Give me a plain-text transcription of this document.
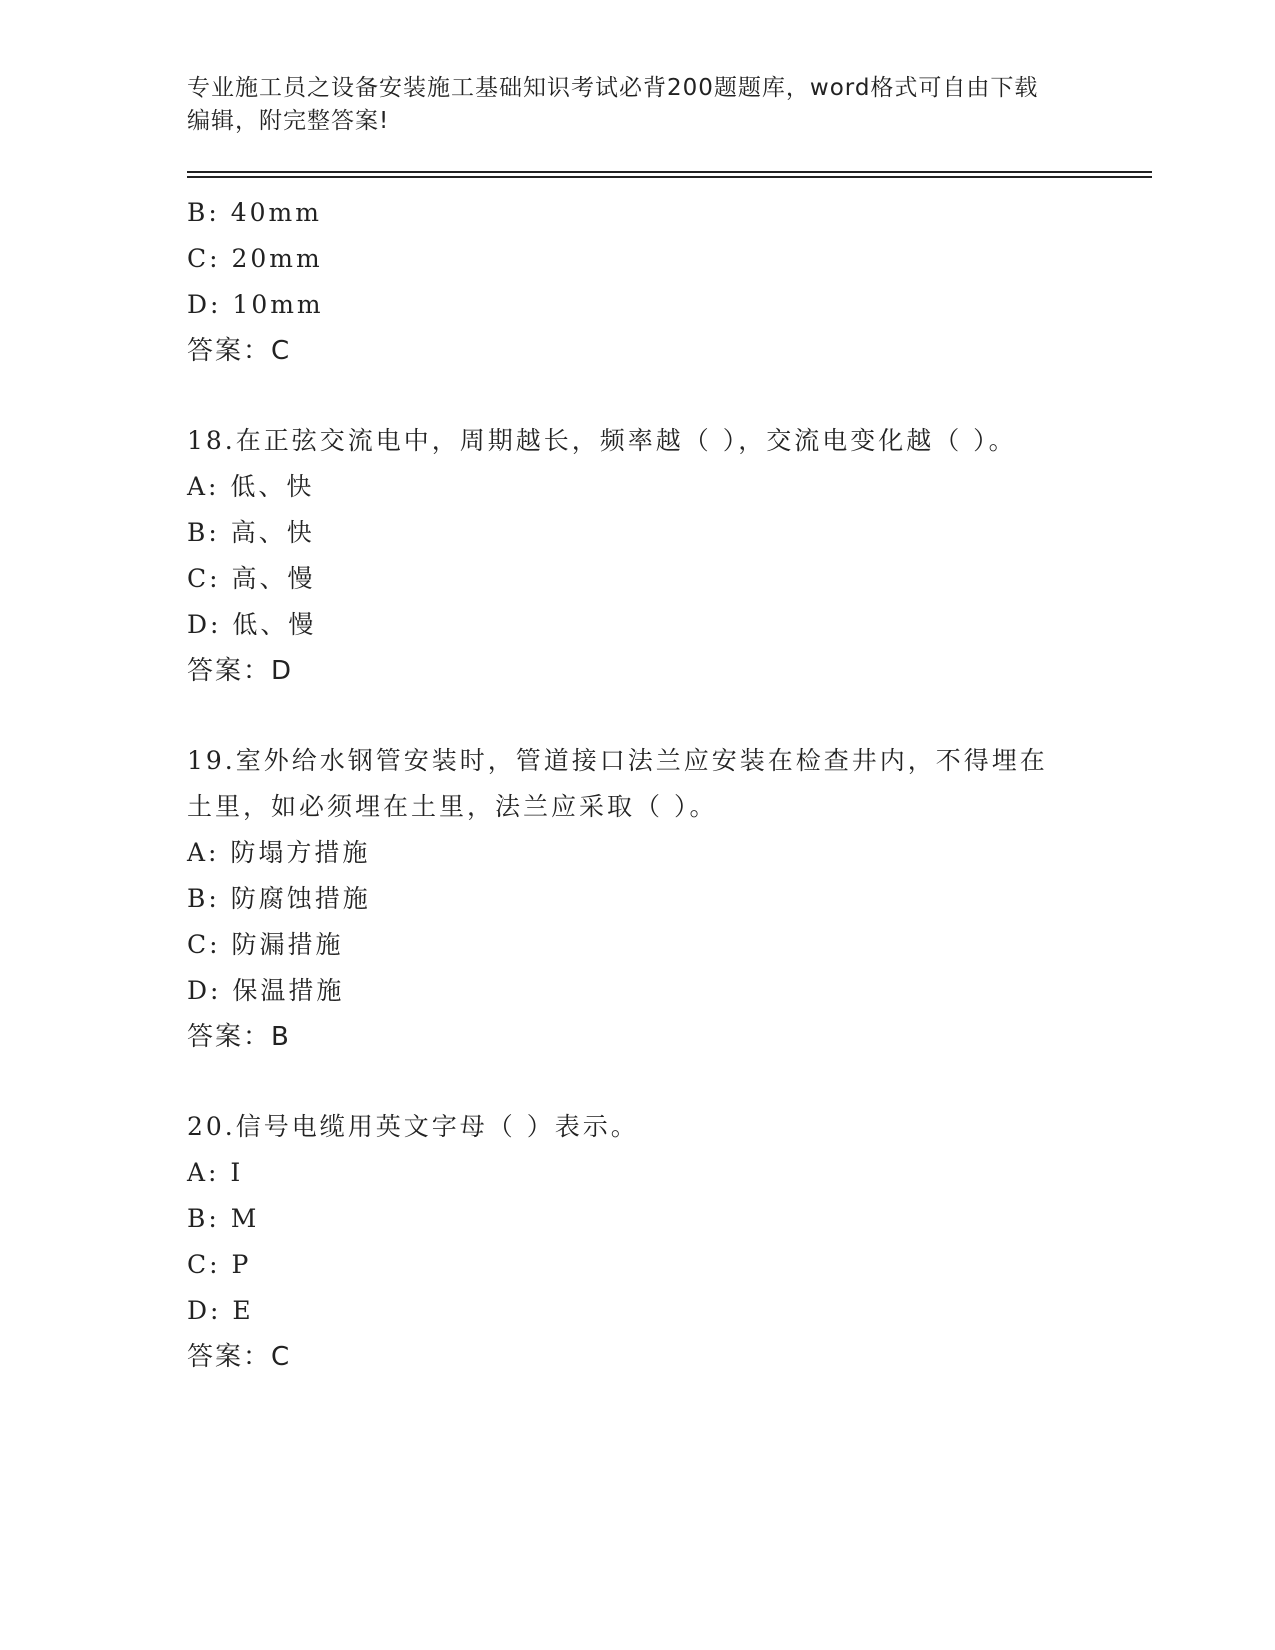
专业施工员之设备安装施工基础知识考试必背200题题库，word格式可自由下载
编辑，附完整答案!
B: 40mm
C: 20mm
D: 10mm
答案：C
18.在正弦交流电中，周期越长，频率越（ ），交流电变化越（ ）。
A: 低、快
B: 高、快
C: 高、慢
D: 低、慢
答案：D
19.室外给水钢管安装时，管道接口法兰应安装在检查井内，不得埋在
土里，如必须埋在土里，法兰应采取（ ）。
A: 防塌方措施
B: 防腐蚀措施
C: 防漏措施
D: 保温措施
答案：B
20.信号电缆用英文字母（ ）表示。
A: I
B: M
C: P
D: E
答案：C
